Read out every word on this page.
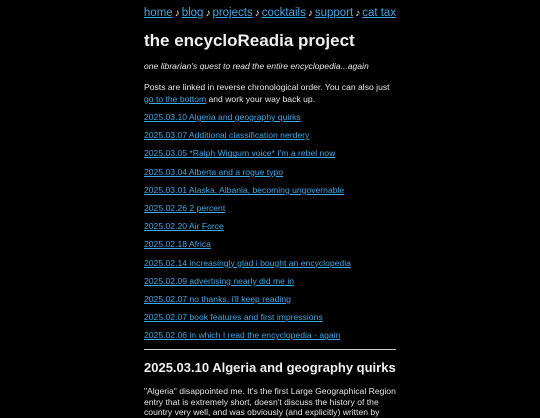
home ♪ blog ♪ projects ♪ cocktails ♪ support ♪ cat tax
the encycloReadia project
one librarian's quest to read the entire encyclopedia...again
Posts are linked in reverse chronological order. You can also just go to the bottom and work your way back up.
2025.03.10 Algeria and geography quirks
2025.03.07 Additional classification nerdery
2025.03.05 *Ralph Wiggum voice* I'm a rebel now
2025.03.04 Alberta and a rogue typo
2025.03.01 Alaska, Albania, becoming ungovernable
2025.02.26 2 percent
2025.02.20 Air Force
2025.02.18 Africa
2025.02.14 increasingly glad i bought an encyclopedia
2025.02.09 advertising nearly did me in
2025.02.07 no thanks, i'll keep reading
2025.02.07 book features and first impressions
2025.02.06 in which I read the encyclopedia - again
2025.03.10 Algeria and geography quirks
"Algeria" disappointed me. It's the first Large Geographical Region entry that is extremely short, doesn't discuss the history of the country very well, and was obviously (and explicitly) written by
